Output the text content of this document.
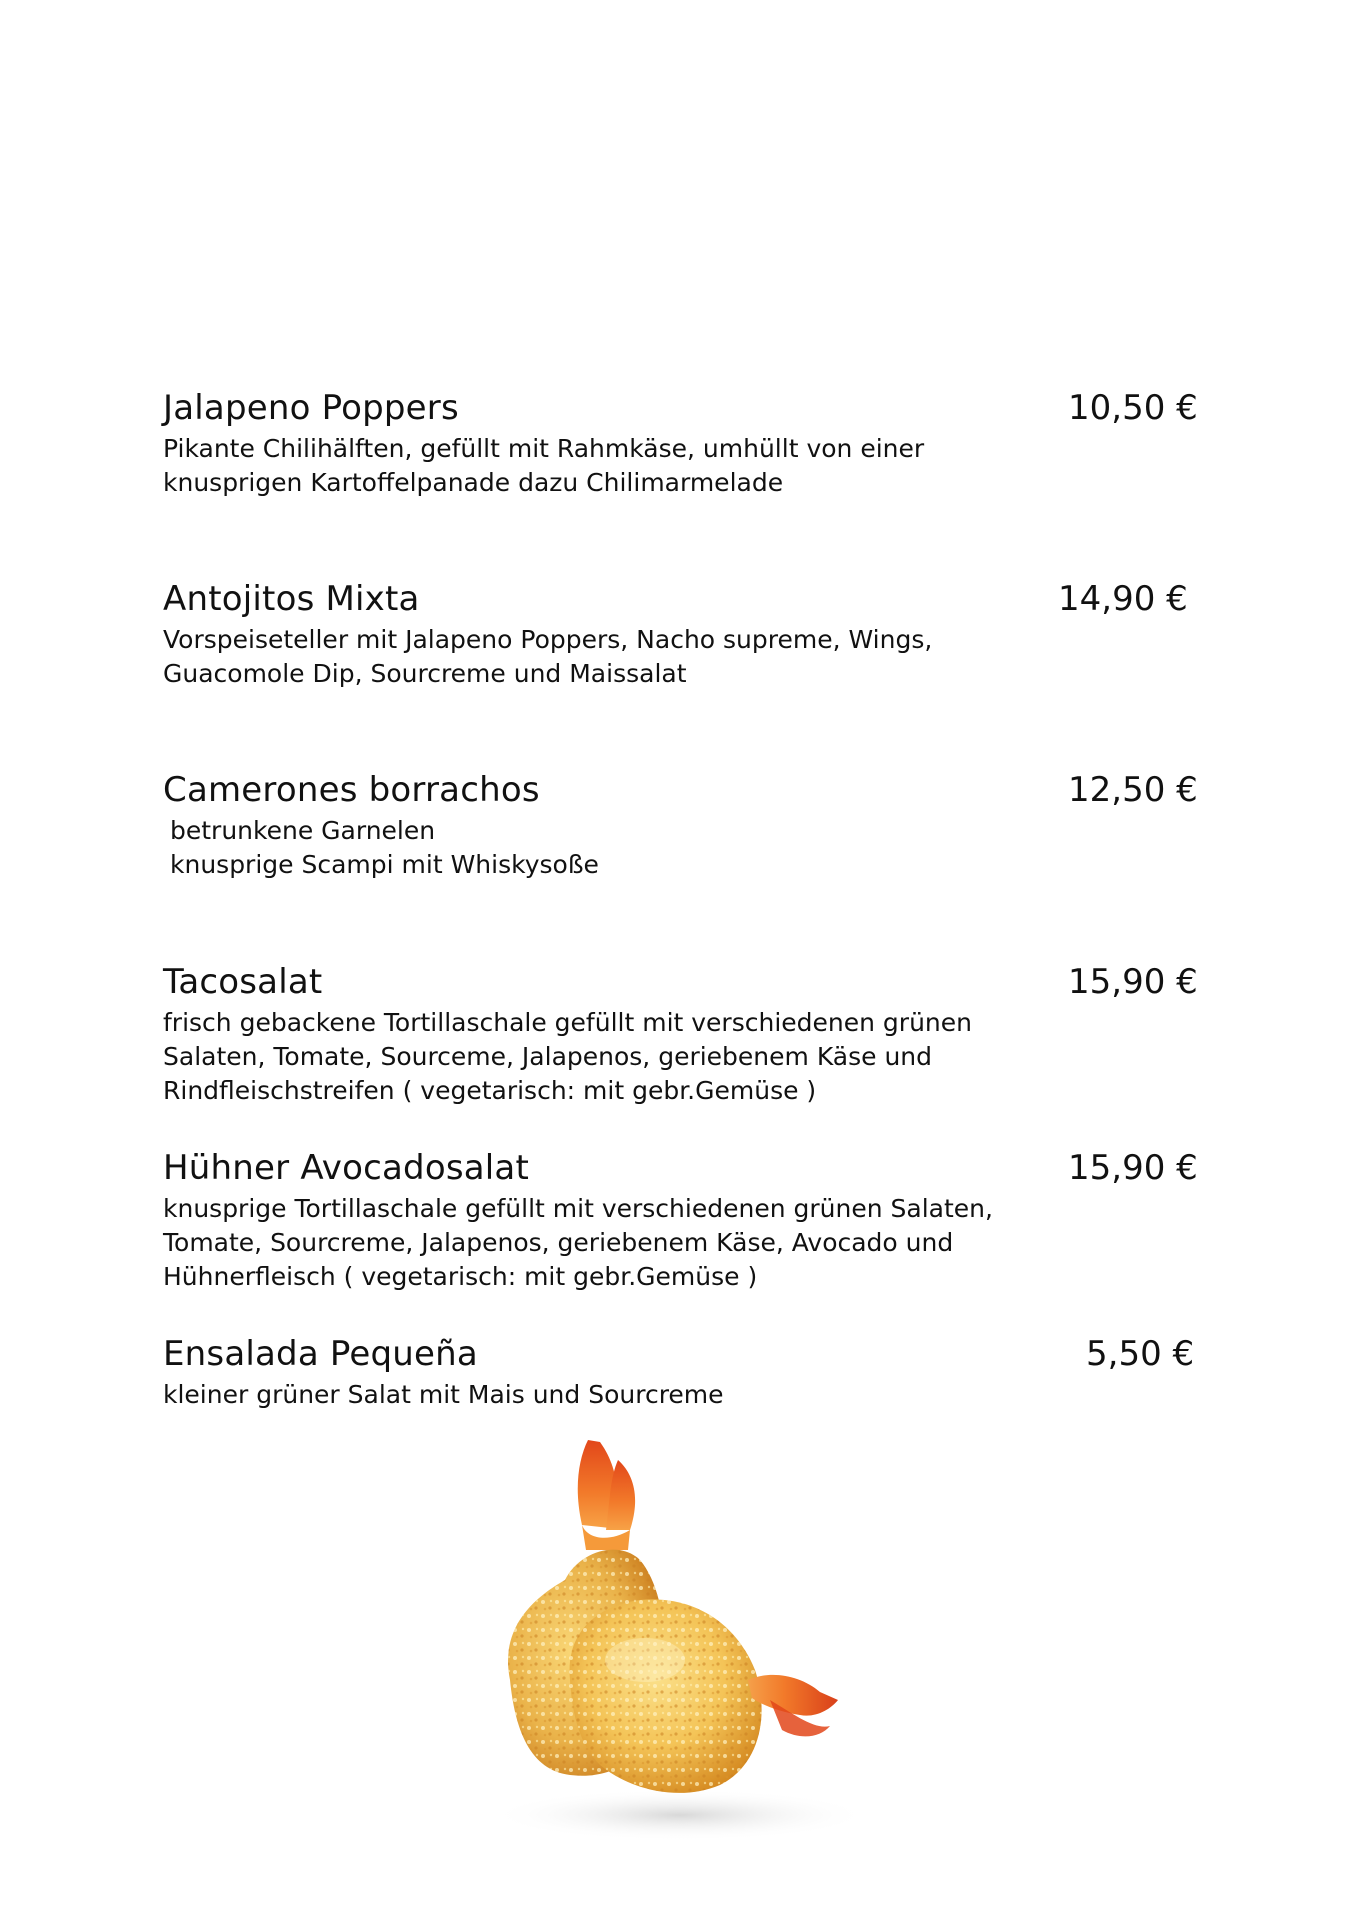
Jalapeno Poppers	10,50 €
Pikante Chilihälften, gefüllt mit Rahmkäse, umhüllt von einer
knusprigen Kartoffelpanade dazu Chilimarmelade
Antojitos Mixta	14,90 €
Vorspeiseteller mit Jalapeno Poppers, Nacho supreme, Wings,
Guacomole Dip, Sourcreme und Maissalat
Camerones borrachos	12,50 €
betrunkene Garnelen
knusprige Scampi mit Whiskysoße
Tacosalat	15,90 €
frisch gebackene Tortillaschale gefüllt mit verschiedenen grünen
Salaten, Tomate, Sourceme, Jalapenos, geriebenem Käse und
Rindfleischstreifen ( vegetarisch: mit gebr.Gemüse )
Hühner Avocadosalat	15,90 €
knusprige Tortillaschale gefüllt mit verschiedenen grünen Salaten,
Tomate, Sourcreme, Jalapenos, geriebenem Käse, Avocado und
Hühnerfleisch ( vegetarisch: mit gebr.Gemüse )
Ensalada Pequeña	5,50 €
kleiner grüner Salat mit Mais und Sourcreme
